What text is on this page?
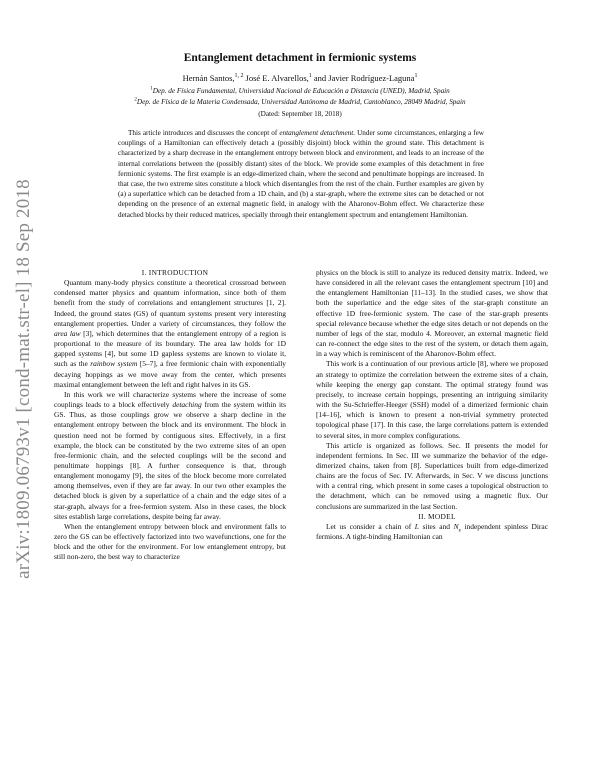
arXiv:1809.06793v1 [cond-mat.str-el] 18 Sep 2018
Entanglement detachment in fermionic systems
Hernán Santos,$^{1, 2}$ José E. Alvarellos,$^1$ and Javier Rodríguez-Laguna$^1$
$^1$Dep. de Física Fundamental, Universidad Nacional de Educación a Distancia (UNED), Madrid, Spain
$^2$Dep. de Física de la Materia Condensada, Universidad Autónoma de Madrid, Cantoblanco, 28049 Madrid, Spain
(Dated: September 18, 2018)
This article introduces and discusses the concept of entanglement detachment. Under some circumstances, enlarging a few couplings of a Hamiltonian can effectively detach a (possibly disjoint) block within the ground state. This detachment is characterized by a sharp decrease in the entanglement entropy between block and environment, and leads to an increase of the internal correlations between the (possibly distant) sites of the block. We provide some examples of this detachment in free fermionic systems. The first example is an edge-dimerized chain, where the second and penultimate hoppings are increased. In that case, the two extreme sites constitute a block which disentangles from the rest of the chain. Further examples are given by (a) a superlattice which can be detached from a 1D chain, and (b) a star-graph, where the extreme sites can be detached or not depending on the presence of an external magnetic field, in analogy with the Aharonov-Bohm effect. We characterize these detached blocks by their reduced matrices, specially through their entanglement spectrum and entanglement Hamiltonian.

I. INTRODUCTION

Quantum many-body physics constitute a theoretical crossroad between condensed matter physics and quantum information, since both of them benefit from the study of correlations and entanglement structures [1, 2]. Indeed, the ground states (GS) of quantum systems present very interesting entanglement properties. Under a variety of circumstances, they follow the area law [3], which determines that the entanglement entropy of a region is proportional to the measure of its boundary. The area law holds for 1D gapped systems [4], but some 1D gapless systems are known to violate it, such as the rainbow system [5–7], a free fermionic chain with exponentially decaying hoppings as we move away from the center, which presents maximal entanglement between the left and right halves in its GS.

In this work we will characterize systems where the increase of some couplings leads to a block effectively detaching from the system within its GS. Thus, as those couplings grow we observe a sharp decline in the entanglement entropy between the block and its environment. The block in question need not be formed by contiguous sites. Effectively, in a first example, the block can be constituted by the two extreme sites of an open free-fermionic chain, and the selected couplings will be the second and penultimate hoppings [8]. A further consequence is that, through entanglement monogamy [9], the sites of the block become more correlated among themselves, even if they are far away. In our two other examples the detached block is given by a superlattice of a chain and the edge sites of a star-graph, always for a free-fermion system. Also in these cases, the block sites establish large correlations, despite being far away.

When the entanglement entropy between block and environment falls to zero the GS can be effectively factorized into two wavefunctions, one for the block and the other for the environment. For low entanglement entropy, but still non-zero, the best way to characterize

physics on the block is still to analyze its reduced density matrix. Indeed, we have considered in all the relevant cases the entanglement spectrum [10] and the entanglement Hamiltonian [11–13]. In the studied cases, we show that both the superlattice and the edge sites of the star-graph constitute an effective 1D free-fermionic system. The case of the star-graph presents special relevance because whether the edge sites detach or not depends on the number of legs of the star, modulo 4. Moreover, an external magnetic field can re-connect the edge sites to the rest of the system, or detach them again, in a way which is reminiscent of the Aharonov-Bohm effect.

This work is a continuation of our previous article [8], where we proposed an strategy to optimize the correlation between the extreme sites of a chain, while keeping the energy gap constant. The optimal strategy found was precisely, to increase certain hoppings, presenting an intriguing similarity with the Su-Schrieffer-Heeger (SSH) model of a dimerized fermionic chain [14–16], which is known to present a non-trivial symmetry protected topological phase [17]. In this case, the large correlations pattern is extended to several sites, in more complex configurations.

This article is organized as follows. Sec. II presents the model for independent fermions. In Sec. III we summarize the behavior of the edge-dimerized chains, taken from [8]. Superlattices built from edge-dimerized chains are the focus of Sec. IV. Afterwards, in Sec. V we discuss junctions with a central ring, which present in some cases a topological obstruction to the detachment, which can be removed using a magnetic flux. Our conclusions are summarized in the last Section.

II. MODEL

Let us consider a chain of L sites and $N_e$ independent spinless Dirac fermions. A tight-binding Hamiltonian can
